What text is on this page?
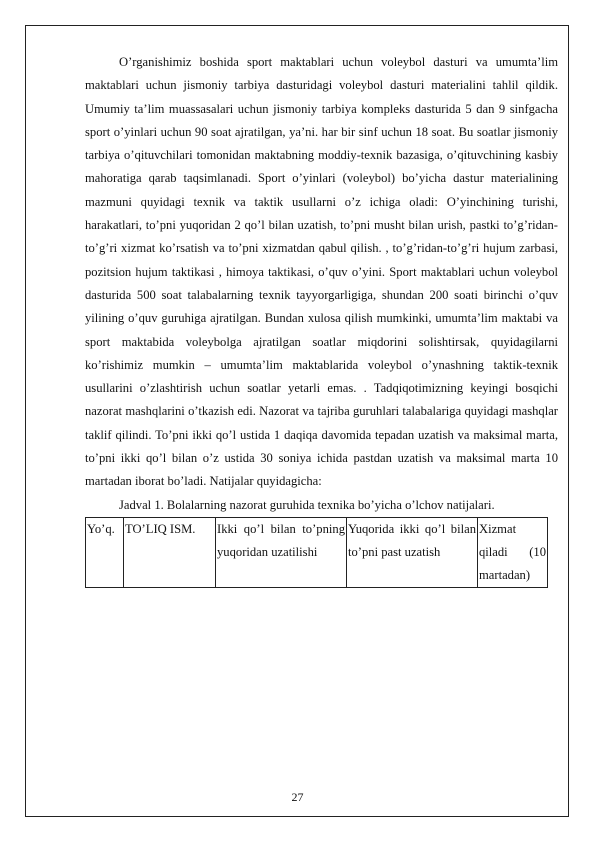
O’rganishimiz boshida sport maktablari uchun voleybol dasturi va umumta’lim maktablari uchun jismoniy tarbiya dasturidagi voleybol dasturi materialini tahlil qildik. Umumiy ta’lim muassasalari uchun jismoniy tarbiya kompleks dasturida 5 dan 9 sinfgacha sport o’yinlari uchun 90 soat ajratilgan, ya’ni. har bir sinf uchun 18 soat. Bu soatlar jismoniy tarbiya o’qituvchilari tomonidan maktabning moddiy-texnik bazasiga, o’qituvchining kasbiy mahoratiga qarab taqsimlanadi. Sport o’yinlari (voleybol) bo’yicha dastur materialining mazmuni quyidagi texnik va taktik usullarni o’z ichiga oladi: O’yinchining turishi, harakatlari, to’pni yuqoridan 2 qo’l bilan uzatish, to’pni musht bilan urish, pastki to’g’ridan-to’g’ri xizmat ko’rsatish va to’pni xizmatdan qabul qilish. , to’g’ridan-to’g’ri hujum zarbasi, pozitsion hujum taktikasi , himoya taktikasi, o’quv o’yini. Sport maktablari uchun voleybol dasturida 500 soat talabalarning texnik tayyorgarligiga, shundan 200 soati birinchi o’quv yilining o’quv guruhiga ajratilgan. Bundan xulosa qilish mumkinki, umumta’lim maktabi va sport maktabida voleybolga ajratilgan soatlar miqdorini solishtirsak, quyidagilarni ko’rishimiz mumkin – umumta’lim maktablarida voleybol o’ynashning taktik-texnik usullarini o’zlashtirish uchun soatlar yetarli emas. . Tadqiqotimizning keyingi bosqichi nazorat mashqlarini o’tkazish edi. Nazorat va tajriba guruhlari talabalariga quyidagi mashqlar taklif qilindi. To’pni ikki qo’l ustida 1 daqiqa davomida tepadan uzatish va maksimal marta, to’pni ikki qo’l bilan o’z ustida 30 soniya ichida pastdan uzatish va maksimal marta 10 martadan iborat bo’ladi. Natijalar quyidagicha:

Jadval 1. Bolalarning nazorat guruhida texnika bo’yicha o’lchov natijalari.

Yo’q.	TO’LIQ ISM.	Ikki qo’l bilan to’pning yuqoridan uzatilishi	Yuqorida ikki qo’l bilan to’pni past uzatish	Xizmat qiladi (10 martadan)
27
